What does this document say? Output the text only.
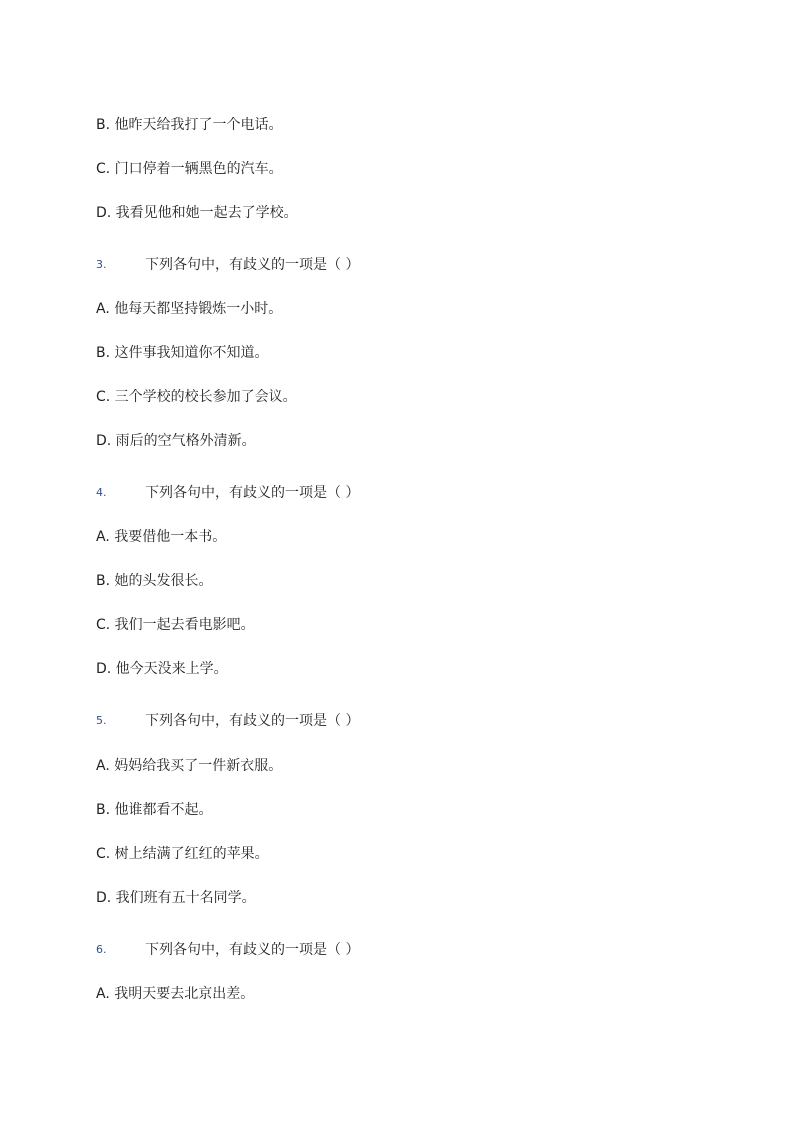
B. 他昨天给我打了一个电话。
C. 门口停着一辆黑色的汽车。
D. 我看见他和她一起去了学校。
3.	下列各句中，有歧义的一项是（ ）
A. 他每天都坚持锻炼一小时。
B. 这件事我知道你不知道。
C. 三个学校的校长参加了会议。
D. 雨后的空气格外清新。
4.	下列各句中，有歧义的一项是（ ）
A. 我要借他一本书。
B. 她的头发很长。
C. 我们一起去看电影吧。
D. 他今天没来上学。
5.	下列各句中，有歧义的一项是（ ）
A. 妈妈给我买了一件新衣服。
B. 他谁都看不起。
C. 树上结满了红红的苹果。
D. 我们班有五十名同学。
6.	下列各句中，有歧义的一项是（ ）
A. 我明天要去北京出差。
